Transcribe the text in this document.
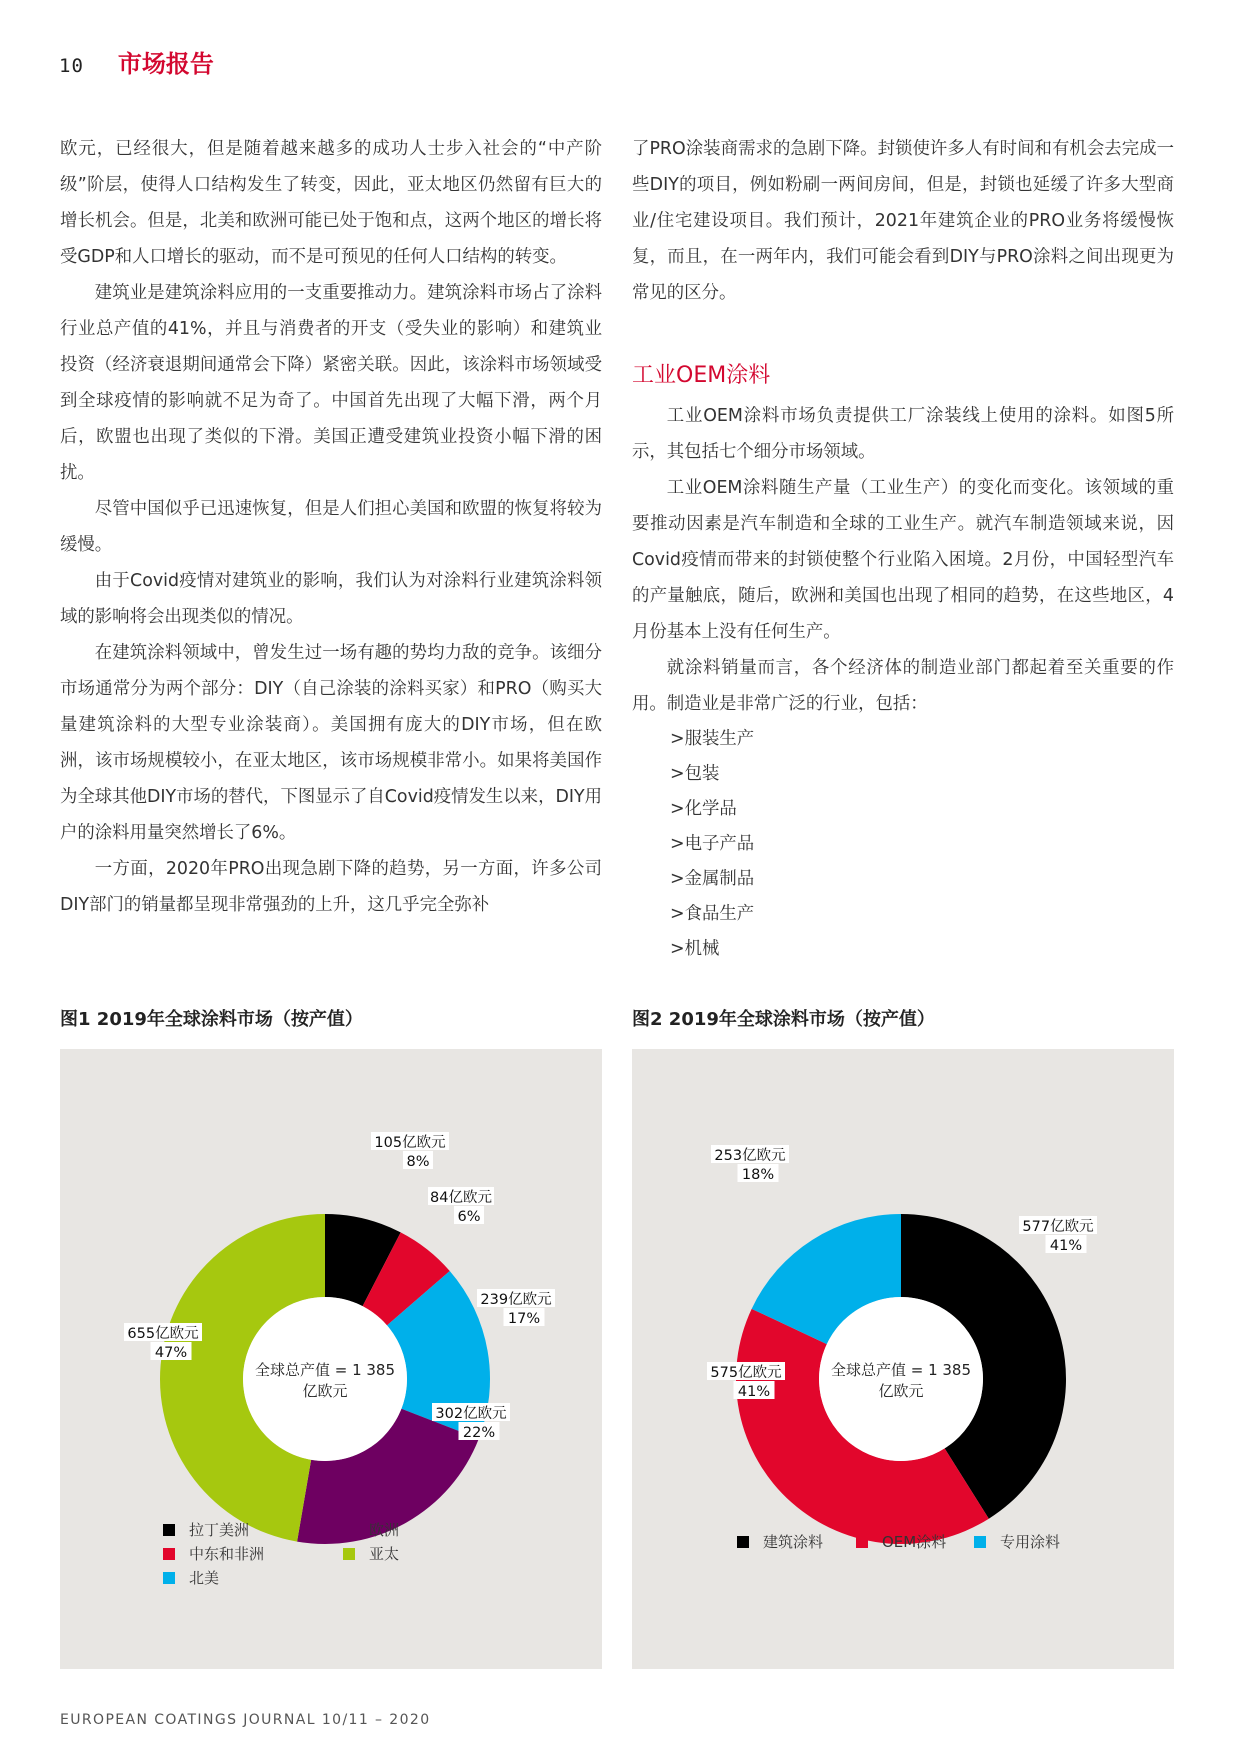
10 市场报告

欧元，已经很大，但是随着越来越多的成功人士步入社会的“中产阶级”阶层，使得人口结构发生了转变，因此，亚太地区仍然留有巨大的增长机会。但是，北美和欧洲可能已处于饱和点，这两个地区的增长将受GDP和人口增长的驱动，而不是可预见的任何人口结构的转变。

建筑业是建筑涂料应用的一支重要推动力。建筑涂料市场占了涂料行业总产值的41%，并且与消费者的开支（受失业的影响）和建筑业投资（经济衰退期间通常会下降）紧密关联。因此，该涂料市场领域受到全球疫情的影响就不足为奇了。中国首先出现了大幅下滑，两个月后，欧盟也出现了类似的下滑。美国正遭受建筑业投资小幅下滑的困扰。

尽管中国似乎已迅速恢复，但是人们担心美国和欧盟的恢复将较为缓慢。

由于Covid疫情对建筑业的影响，我们认为对涂料行业建筑涂料领域的影响将会出现类似的情况。

在建筑涂料领域中，曾发生过一场有趣的势均力敌的竞争。该细分市场通常分为两个部分：DIY（自己涂装的涂料买家）和PRO（购买大量建筑涂料的大型专业涂装商）。美国拥有庞大的DIY市场，但在欧洲，该市场规模较小，在亚太地区，该市场规模非常小。如果将美国作为全球其他DIY市场的替代，下图显示了自Covid疫情发生以来，DIY用户的涂料用量突然增长了6%。

一方面，2020年PRO出现急剧下降的趋势，另一方面，许多公司DIY部门的销量都呈现非常强劲的上升，这几乎完全弥补

了PRO涂装商需求的急剧下降。封锁使许多人有时间和有机会去完成一些DIY的项目，例如粉刷一两间房间，但是，封锁也延缓了许多大型商业/住宅建设项目。我们预计，2021年建筑企业的PRO业务将缓慢恢复，而且，在一两年内，我们可能会看到DIY与PRO涂料之间出现更为常见的区分。

工业OEM涂料

工业OEM涂料市场负责提供工厂涂装线上使用的涂料。如图5所示，其包括七个细分市场领域。

工业OEM涂料随生产量（工业生产）的变化而变化。该领域的重要推动因素是汽车制造和全球的工业生产。就汽车制造领域来说，因Covid疫情而带来的封锁使整个行业陷入困境。2月份，中国轻型汽车的产量触底，随后，欧洲和美国也出现了相同的趋势，在这些地区，4月份基本上没有任何生产。

就涂料销量而言，各个经济体的制造业部门都起着至关重要的作用。制造业是非常广泛的行业，包括：

>服装生产
>包装
>化学品
>电子产品
>金属制品
>食品生产
>机械
图1 2019年全球涂料市场（按产值）	图2 2019年全球涂料市场（按产值）
全球总产值 = 1 385
亿欧元
105亿欧元
8%
84亿欧元
6%
239亿欧元
17%
302亿欧元
22%
655亿欧元
47%
拉丁美洲	欧洲
中东和非洲	亚太
北美
全球总产值 = 1 385
亿欧元
577亿欧元
41%
575亿欧元
41%
253亿欧元
18%
建筑涂料	OEM涂料	专用涂料
EUROPEAN COATINGS JOURNAL 10/11 – 2020
